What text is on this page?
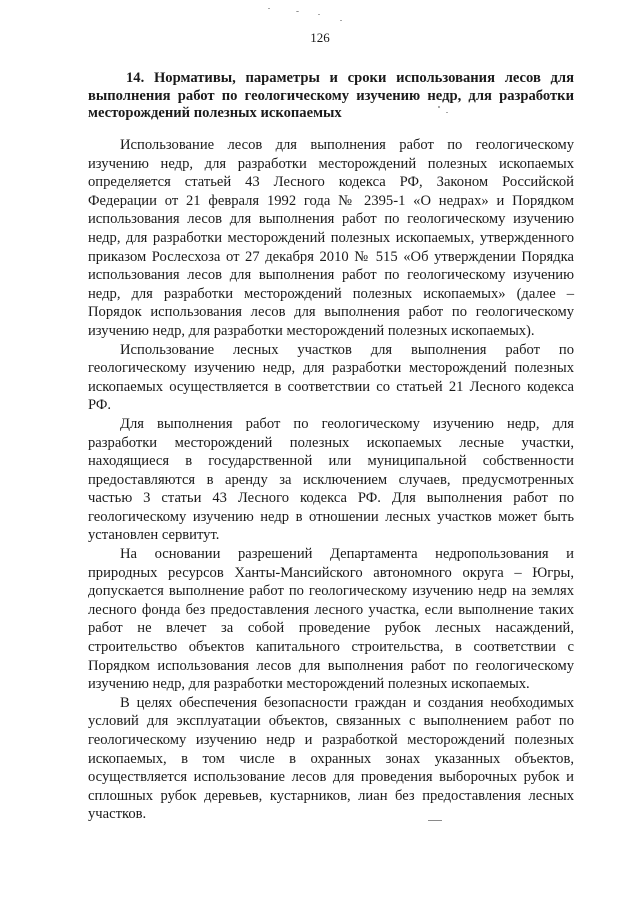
126
14. Нормативы, параметры и сроки использования лесов для выполнения работ по геологическому изучению недр, для разработки месторождений полезных ископаемых

Использование лесов для выполнения работ по геологическому изучению недр, для разработки месторождений полезных ископаемых определяется статьей 43 Лесного кодекса РФ, Законом Российской Федерации от 21 февраля 1992 года № 2395-1 «О недрах» и Порядком использования лесов для выполнения работ по геологическому изучению недр, для разработки месторождений полезных ископаемых, утвержденного приказом Рослесхоза от 27 декабря 2010 № 515 «Об утверждении Порядка использования лесов для выполнения работ по геологическому изучению недр, для разработки месторождений полезных ископаемых» (далее – Порядок использования лесов для выполнения работ по геологическому изучению недр, для разработки месторождений полезных ископаемых).

Использование лесных участков для выполнения работ по геологическому изучению недр, для разработки месторождений полезных ископаемых осуществляется в соответствии со статьей 21 Лесного кодекса РФ.

Для выполнения работ по геологическому изучению недр, для разработки месторождений полезных ископаемых лесные участки, находящиеся в государственной или муниципальной собственности предоставляются в аренду за исключением случаев, предусмотренных частью 3 статьи 43 Лесного кодекса РФ. Для выполнения работ по геологическому изучению недр в отношении лесных участков может быть установлен сервитут.

На основании разрешений Департамента недропользования и природных ресурсов Ханты-Мансийского автономного округа – Югры, допускается выполнение работ по геологическому изучению недр на землях лесного фонда без предоставления лесного участка, если выполнение таких работ не влечет за собой проведение рубок лесных насаждений, строительство объектов капитального строительства, в соответствии с Порядком использования лесов для выполнения работ по геологическому изучению недр, для разработки месторождений полезных ископаемых.

В целях обеспечения безопасности граждан и создания необходимых условий для эксплуатации объектов, связанных с выполнением работ по геологическому изучению недр и разработкой месторождений полезных ископаемых, в том числе в охранных зонах указанных объектов, осуществляется использование лесов для проведения выборочных рубок и сплошных рубок деревьев, кустарников, лиан без предоставления лесных участков.
